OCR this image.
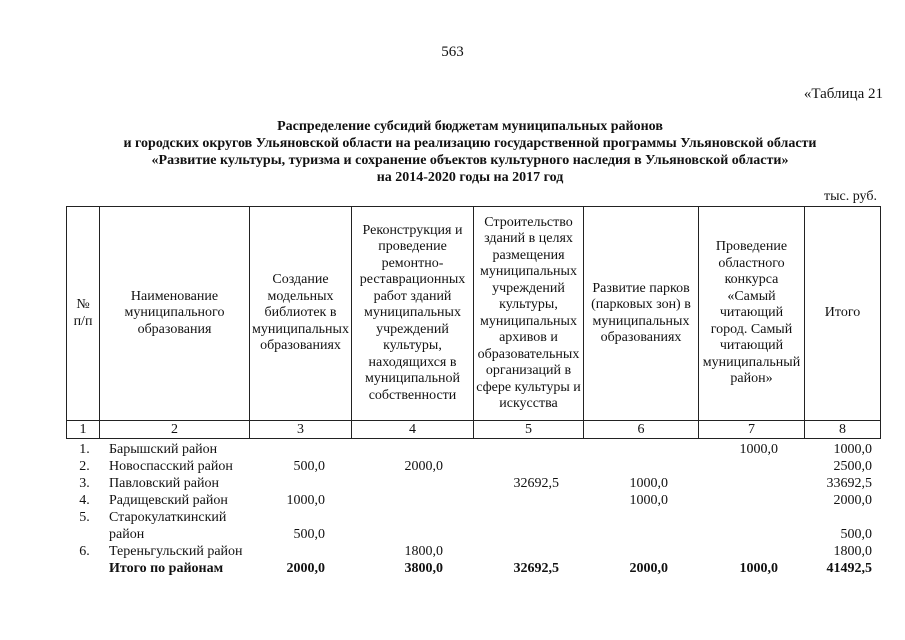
563
«Таблица 21
Распределение субсидий бюджетам муниципальных районов
и городских округов Ульяновской области на реализацию государственной программы Ульяновской области
«Развитие культуры, туризма и сохранение объектов культурного наследия в Ульяновской области»
на 2014-2020 годы на 2017 год
тыс. руб.
№ п/п	Наименование муниципального образования	Создание модельных библиотек в муниципальных образованиях	Реконструкция и проведение ремонтно-реставрационных работ зданий муниципальных учреждений культуры, находящихся в муниципальной собственности	Строительство зданий в целях размещения муниципальных учреждений культуры, муниципальных архивов и образовательных организаций в сфере культуры и искусства	Развитие парков (парковых зон) в муниципальных образованиях	Проведение областного конкурса «Самый читающий город. Самый читающий муниципальный район»	Итого
1	2	3	4	5	6	7	8
1.	Барышский район					1000,0	1000,0
2.	Новоспасский район	500,0	2000,0				2500,0
3.	Павловский район			32692,5	1000,0		33692,5
4.	Радищевский район	1000,0			1000,0		2000,0
5.	Старокулаткинский район	500,0					500,0
6.	Тереньгульский район		1800,0				1800,0
	Итого по районам	2000,0	3800,0	32692,5	2000,0	1000,0	41492,5
